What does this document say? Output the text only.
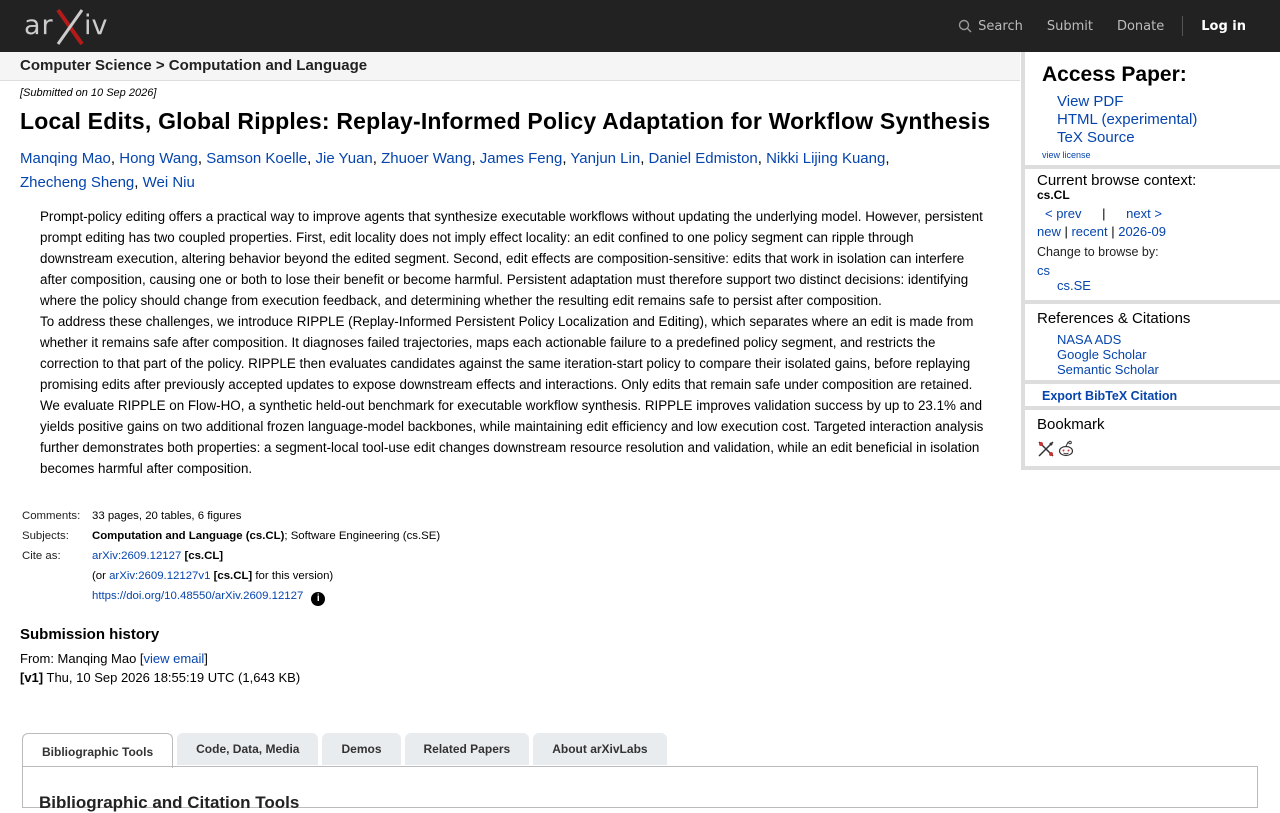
ar iv	Search Submit Donate	Log in
Computer Science > Computation and Language
[Submitted on 10 Sep 2026]
Local Edits, Global Ripples: Replay-Informed Policy Adaptation for Workflow Synthesis
Manqing Mao, Hong Wang, Samson Koelle, Jie Yuan, Zhuoer Wang, James Feng, Yanjun Lin, Daniel Edmiston, Nikki Lijing Kuang,
Zhecheng Sheng, Wei Niu

Prompt-policy editing offers a practical way to improve agents that synthesize executable workflows without updating the underlying model. However, persistent prompt editing has two coupled properties. First, edit locality does not imply effect locality: an edit confined to one policy segment can ripple through downstream execution, altering behavior beyond the edited segment. Second, edit effects are composition-sensitive: edits that work in isolation can interfere after composition, causing one or both to lose their benefit or become harmful. Persistent adaptation must therefore support two distinct decisions: identifying where the policy should change from execution feedback, and determining whether the resulting edit remains safe to persist after composition.

To address these challenges, we introduce RIPPLE (Replay-Informed Persistent Policy Localization and Editing), which separates where an edit is made from whether it remains safe after composition. It diagnoses failed trajectories, maps each actionable failure to a predefined policy segment, and restricts the correction to that part of the policy. RIPPLE then evaluates candidates against the same iteration-start policy to compare their isolated gains, before replaying promising edits after previously accepted updates to expose downstream effects and interactions. Only edits that remain safe under composition are retained.

We evaluate RIPPLE on Flow-HO, a synthetic held-out benchmark for executable workflow synthesis. RIPPLE improves validation success by up to 23.1% and yields positive gains on two additional frozen language-model backbones, while maintaining edit efficiency and low execution cost. Targeted interaction analysis further demonstrates both properties: a segment-local tool-use edit changes downstream resource resolution and validation, while an edit beneficial in isolation becomes harmful after composition.

Comments:	33 pages, 20 tables, 6 figures
Subjects:	Computation and Language (cs.CL); Software Engineering (cs.SE)
Cite as:	arXiv:2609.12127 [cs.CL]
(or arXiv:2609.12127v1 [cs.CL] for this version)
https://doi.org/10.48550/arXiv.2609.12127 i
Submission history
From: Manqing Mao [view email]
[v1] Thu, 10 Sep 2026 18:55:19 UTC (1,643 KB)
Bibliographic Tools	Code, Data, Media	Demos	Related Papers	About arXivLabs
Bibliographic and Citation Tools
Access Paper:
View PDF
HTML (experimental)
TeX Source
view license
Current browse context:
cs.CL
< prev | next >
new | recent | 2026-09
Change to browse by:
cs
cs.SE
References & Citations
NASA ADS
Google Scholar
Semantic Scholar
Export BibTeX Citation
Bookmark
